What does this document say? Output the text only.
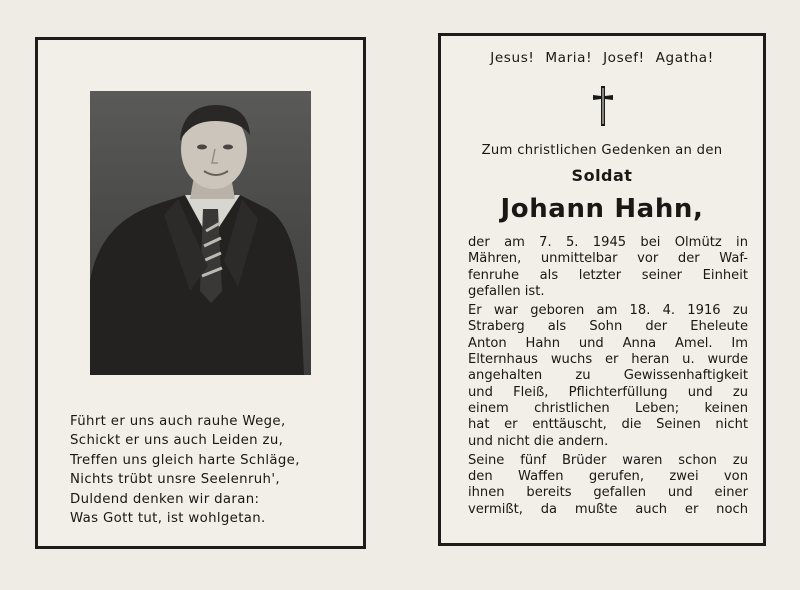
Führt er uns auch rauhe Wege,
Schickt er uns auch Leiden zu,
Treffen uns gleich harte Schläge,
Nichts trübt unsre Seelenruh',
Duldend denken wir daran:
Was Gott tut, ist wohlgetan.
Jesus! Maria! Josef! Agatha!
Zum christlichen Gedenken an den
Soldat
Johann Hahn,
der am 7. 5. 1945 bei Olmütz in
Mähren, unmittelbar vor der Waf-
fenruhe als letzter seiner Einheit
gefallen ist.
Er war geboren am 18. 4. 1916 zu
Straberg als Sohn der Eheleute
Anton Hahn und Anna Amel. Im
Elternhaus wuchs er heran u. wurde
angehalten zu Gewissenhaftigkeit
und Fleiß, Pflichterfüllung und zu
einem christlichen Leben; keinen
hat er enttäuscht, die Seinen nicht
und nicht die andern.
Seine fünf Brüder waren schon zu
den Waffen gerufen, zwei von
ihnen bereits gefallen und einer
vermißt, da mußte auch er noch
